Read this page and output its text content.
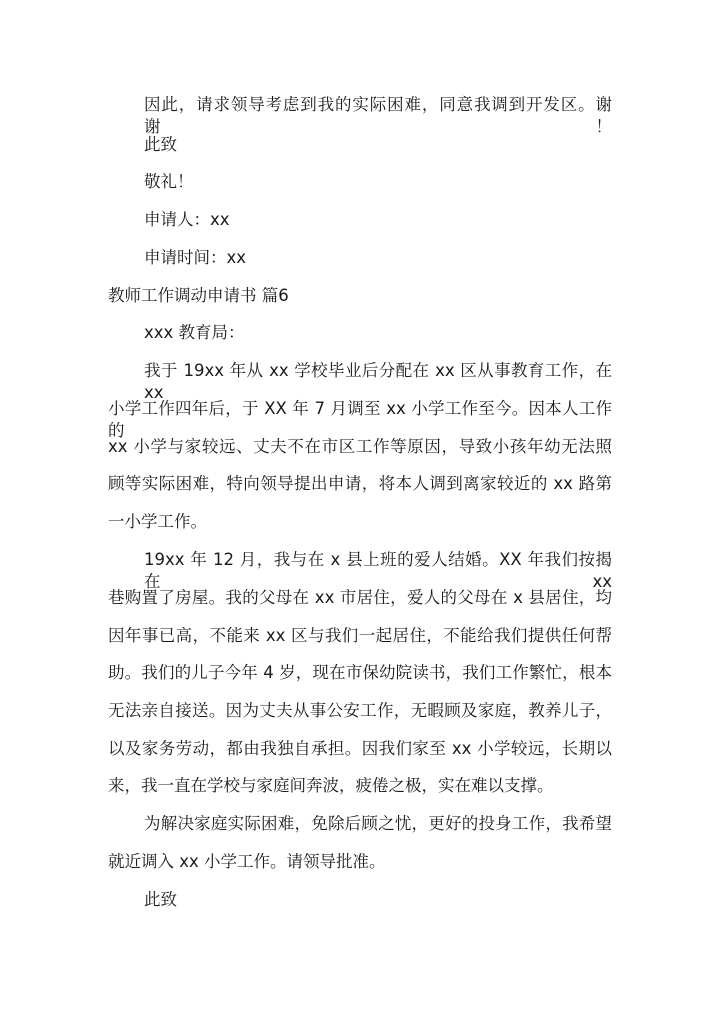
因此，请求领导考虑到我的实际困难，同意我调到开发区。谢谢！
此致
敬礼！
申请人：xx
申请时间：xx
教师工作调动申请书 篇6
xxx 教育局：
我于 19xx 年从 xx 学校毕业后分配在 xx 区从事教育工作，在 xx
小学工作四年后，于 XX 年 7 月调至 xx 小学工作至今。因本人工作的
xx 小学与家较远、丈夫不在市区工作等原因，导致小孩年幼无法照
顾等实际困难，特向领导提出申请，将本人调到离家较近的 xx 路第
一小学工作。
19xx 年 12 月，我与在 x 县上班的爱人结婚。XX 年我们按揭在 xx
巷购置了房屋。我的父母在 xx 市居住，爱人的父母在 x 县居住，均
因年事已高，不能来 xx 区与我们一起居住，不能给我们提供任何帮
助。我们的儿子今年 4 岁，现在市保幼院读书，我们工作繁忙，根本
无法亲自接送。因为丈夫从事公安工作，无暇顾及家庭，教养儿子，
以及家务劳动，都由我独自承担。因我们家至 xx 小学较远，长期以
来，我一直在学校与家庭间奔波，疲倦之极，实在难以支撑。
为解决家庭实际困难，免除后顾之忧，更好的投身工作，我希望
就近调入 xx 小学工作。请领导批准。
此致
